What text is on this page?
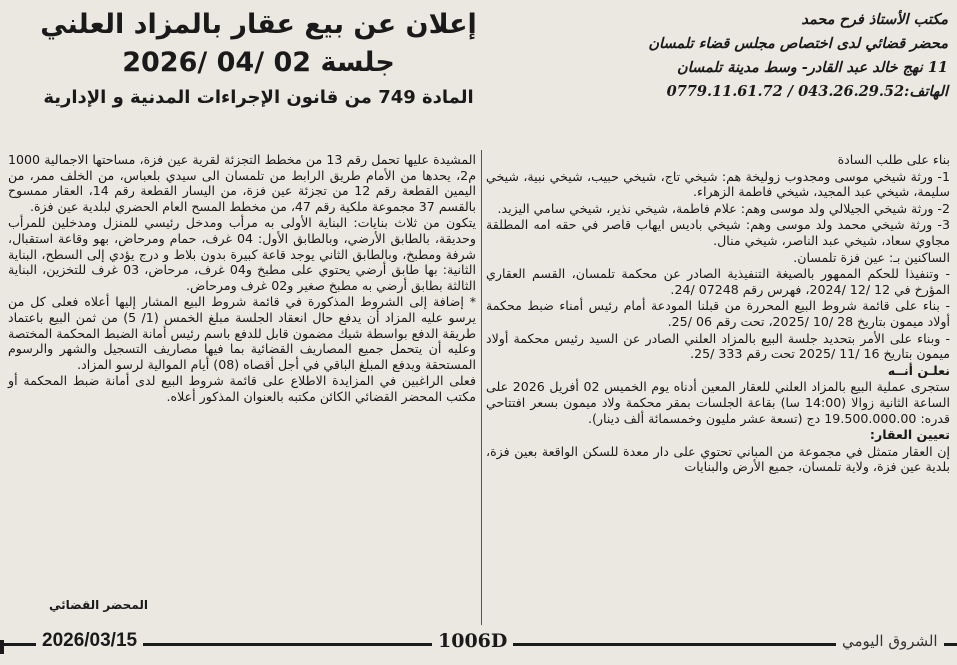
مكتب الأستاذ فرح محمد
محضر قضائي لدى اختصاص مجلس قضاء تلمسان
11 نهج خالد عبد القادر- وسط مدينة تلمسان
الهاتف:043.26.29.52 / 0779.11.61.72
إعلان عن بيع عقار بالمزاد العلني
جلسة 02 /04 /2026
المادة 749 من قانون الإجراءات المدنية و الإدارية

بناء على طلب السادة

1- ورثة شيخي موسى ومجدوب زوليخة هم: شيخي تاج، شيخي حبيب، شيخي نبية، شيخي سليمة، شيخي عبد المجيد، شيخي فاطمة الزهراء.

2- ورثة شيخي الجيلالي ولد موسى وهم: علام فاطمة، شيخي نذير، شيخي سامي اليزيد.

3- ورثة شيخي محمد ولد موسى وهم: شيخي باديس ايهاب قاصر في حقه امه المطلقة مجاوي سعاد، شيخي عبد الناصر، شيخي منال.

الساكنين بـ: عين فزة تلمسان.

- وتنفيذا للحكم الممهور بالصيغة التنفيذية الصادر عن محكمة تلمسان، القسم العقاري المؤرخ في 12 /12 /2024، فهرس رقم 07248 /24.

- بناء على قائمة شروط البيع المحررة من قبلنا المودعة أمام رئيس أمناء ضبط محكمة أولاد ميمون بتاريخ 28 /10 /2025، تحت رقم 06 /25.

- وبناء على الأمر بتحديد جلسة البيع بالمزاد العلني الصادر عن السيد رئيس محكمة أولاد ميمون بتاريخ 16 /11 /2025 تحت رقم 333 /25.

نعلـن أنــه

ستجرى عملية البيع بالمزاد العلني للعقار المعين أدناه يوم الخميس 02 أفريل 2026 على الساعة الثانية زوالا (14:00 سا) بقاعة الجلسات بمقر محكمة ولاد ميمون بسعر افتتاحي قدره: 19.500.000.00 دج (تسعة عشر مليون وخمسمائة ألف دينار).

تعيين العقار:

إن العقار متمثل في مجموعة من المباني تحتوي على دار معدة للسكن الواقعة بعين فزة، بلدية عين فزة، ولاية تلمسان، جميع الأرض والبنايات

المشيدة عليها تحمل رقم 13 من مخطط التجزئة لقرية عين فزة، مساحتها الاجمالية 1000 م2، يحدها من الأمام طريق الرابط من تلمسان الى سيدي بلعباس، من الخلف ممر، من اليمين القطعة رقم 12 من تجزئة عين فزة، من اليسار القطعة رقم 14، العقار ممسوح بالقسم 37 مجموعة ملكية رقم 47، من مخطط المسح العام الحضري لبلدية عين فزة.

يتكون من ثلاث بنايات: البناية الأولى به مرأب ومدخل رئيسي للمنزل ومدخلين للمرأب وحديقة، بالطابق الأرضي، وبالطابق الأول: 04 غرف، حمام ومرحاض، بهو وقاعة استقبال، شرفة ومطبخ، وبالطابق الثاني يوجد قاعة كبيرة بدون بلاط و درج يؤدي إلى السطح، البناية الثانية: بها طابق أرضي يحتوي على مطبخ و04 غرف، مرحاض، 03 غرف للتخزين، البناية الثالثة بطابق أرضي به مطبخ صغير و02 غرف ومرحاض.

* إضافة إلى الشروط المذكورة في قائمة شروط البيع المشار إليها أعلاه فعلى كل من يرسو عليه المزاد أن يدفع حال انعقاد الجلسة مبلغ الخمس (1/ 5) من ثمن البيع باعتماد طريقة الدفع بواسطة شيك مضمون قابل للدفع باسم رئيس أمانة الضبط المحكمة المختصة وعليه أن يتحمل جميع المصاريف القضائية بما فيها مصاريف التسجيل والشهر والرسوم المستحقة ويدفع المبلغ الباقي في أجل أقصاه (08) أيام الموالية لرسو المزاد.

فعلى الراغبين في المزايدة الاطلاع على قائمة شروط البيع لدى أمانة ضبط المحكمة أو مكتب المحضر القضائي الكائن مكتبه بالعنوان المذكور أعلاه.

المحضر القضائي
2026/03/15	1006D	الشروق اليومي
